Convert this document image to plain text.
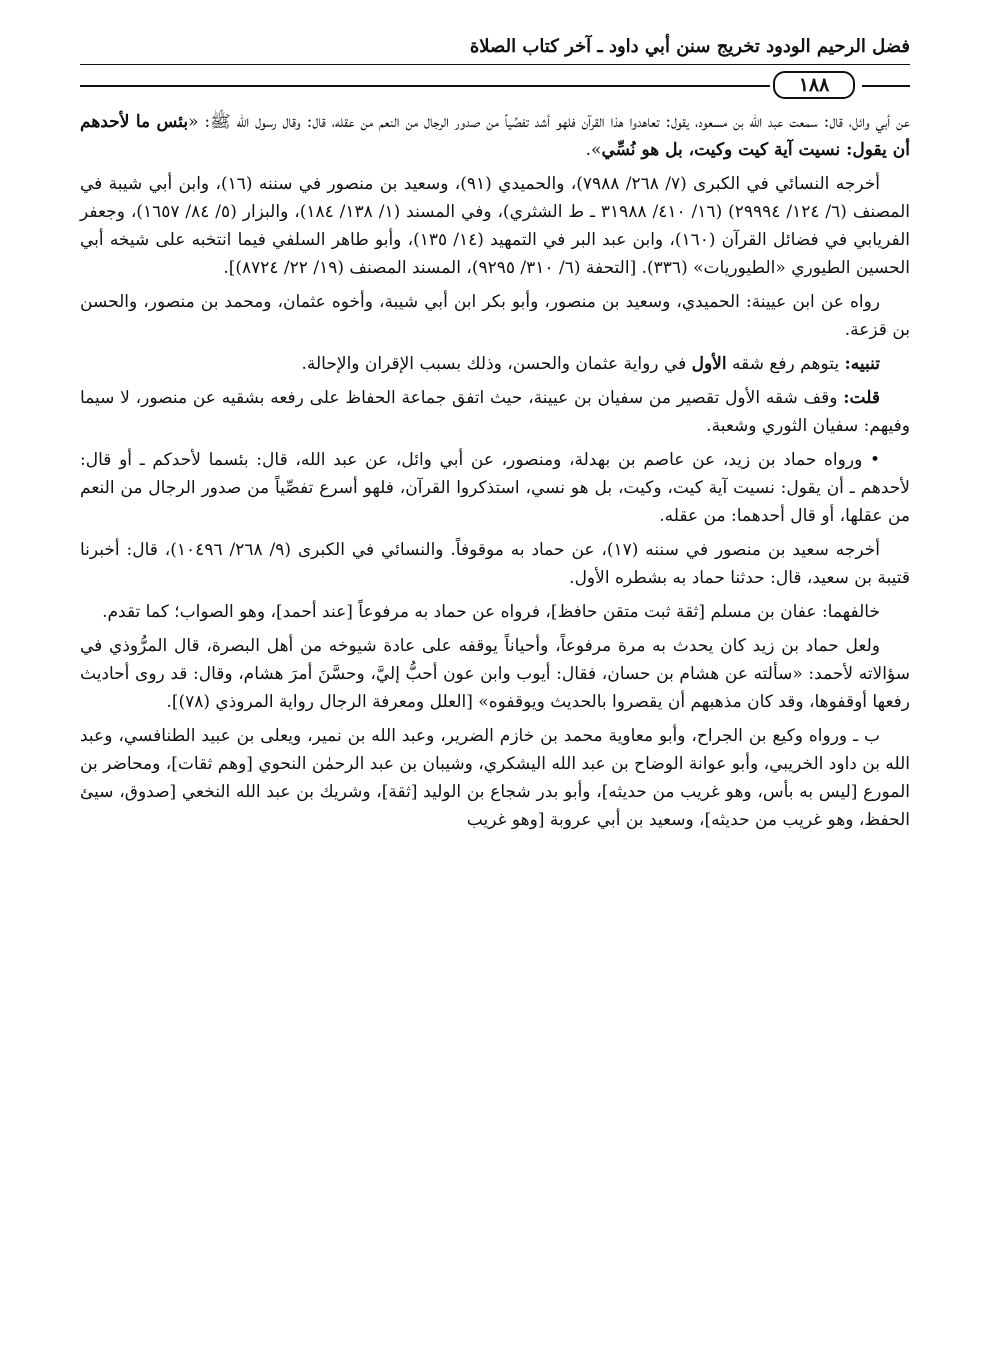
فضل الرحيم الودود تخريج سنن أبي داود ـ آخر كتاب الصلاة
١٨٨

عن أبي وائل، قال: سمعت عبد الله بن مسعود، يقول: تعاهدوا هذا القرآن فلهو أشد تفصِّياً من صدور الرجال من النعم من عقله، قال: وقال رسول الله ﷺ: «بئس ما لأحدهم أن يقول: نسيت آية كيت وكيت، بل هو نُسِّي».

أخرجه النسائي في الكبرى (٧/ ٢٦٨/ ٧٩٨٨)، والحميدي (٩١)، وسعيد بن منصور في سننه (١٦)، وابن أبي شيبة في المصنف (٦/ ١٢٤/ ٢٩٩٩٤) (١٦/ ٤١٠/ ٣١٩٨٨ ـ ط الشثري)، وفي المسند (١/ ١٣٨/ ١٨٤)، والبزار (٥/ ٨٤/ ١٦٥٧)، وجعفر الفريابي في فضائل القرآن (١٦٠)، وابن عبد البر في التمهيد (١٤/ ١٣٥)، وأبو طاهر السلفي فيما انتخبه على شيخه أبي الحسين الطيوري «الطيوريات» (٣٣٦). [التحفة (٦/ ٣١٠/ ٩٢٩٥)، المسند المصنف (١٩/ ٢٢/ ٨٧٢٤)].

رواه عن ابن عيينة: الحميدي، وسعيد بن منصور، وأبو بكر ابن أبي شيبة، وأخوه عثمان، ومحمد بن منصور، والحسن بن قزعة.

تنبيه: يتوهم رفع شقه الأول في رواية عثمان والحسن، وذلك بسبب الإقران والإحالة.

قلت: وقف شقه الأول تقصير من سفيان بن عيينة، حيث اتفق جماعة الحفاظ على رفعه بشقيه عن منصور، لا سيما وفيهم: سفيان الثوري وشعبة.

• ورواه حماد بن زيد، عن عاصم بن بهدلة، ومنصور، عن أبي وائل، عن عبد الله، قال: بئسما لأحدكم ـ أو قال: لأحدهم ـ أن يقول: نسيت آية كيت، وكيت، بل هو نسي، استذكروا القرآن، فلهو أسرع تفصِّياً من صدور الرجال من النعم من عقلها، أو قال أحدهما: من عقله.

أخرجه سعيد بن منصور في سننه (١٧)، عن حماد به موقوفاً. والنسائي في الكبرى (٩/ ٢٦٨/ ١٠٤٩٦)، قال: أخبرنا قتيبة بن سعيد، قال: حدثنا حماد به بشطره الأول.

خالفهما: عفان بن مسلم [ثقة ثبت متقن حافظ]، فرواه عن حماد به مرفوعاً [عند أحمد]، وهو الصواب؛ كما تقدم.

ولعل حماد بن زيد كان يحدث به مرة مرفوعاً، وأحياناً يوقفه على عادة شيوخه من أهل البصرة، قال المرُّوذي في سؤالاته لأحمد: «سألته عن هشام بن حسان، فقال: أيوب وابن عون أحبُّ إليَّ، وحسَّنَ أمرَ هشام، وقال: قد روى أحاديث رفعها أوقفوها، وقد كان مذهبهم أن يقصروا بالحديث ويوقفوه» [العلل ومعرفة الرجال رواية المروذي (٧٨)].

ب ـ ورواه وكيع بن الجراح، وأبو معاوية محمد بن خازم الضرير، وعبد الله بن نمير، ويعلى بن عبيد الطنافسي، وعبد الله بن داود الخريبي، وأبو عوانة الوضاح بن عبد الله اليشكري، وشيبان بن عبد الرحمٰن النحوي [وهم ثقات]، ومحاضر بن المورع [ليس به بأس، وهو غريب من حديثه]، وأبو بدر شجاع بن الوليد [ثقة]، وشريك بن عبد الله النخعي [صدوق، سيئ الحفظ، وهو غريب من حديثه]، وسعيد بن أبي عروبة [وهو غريب
